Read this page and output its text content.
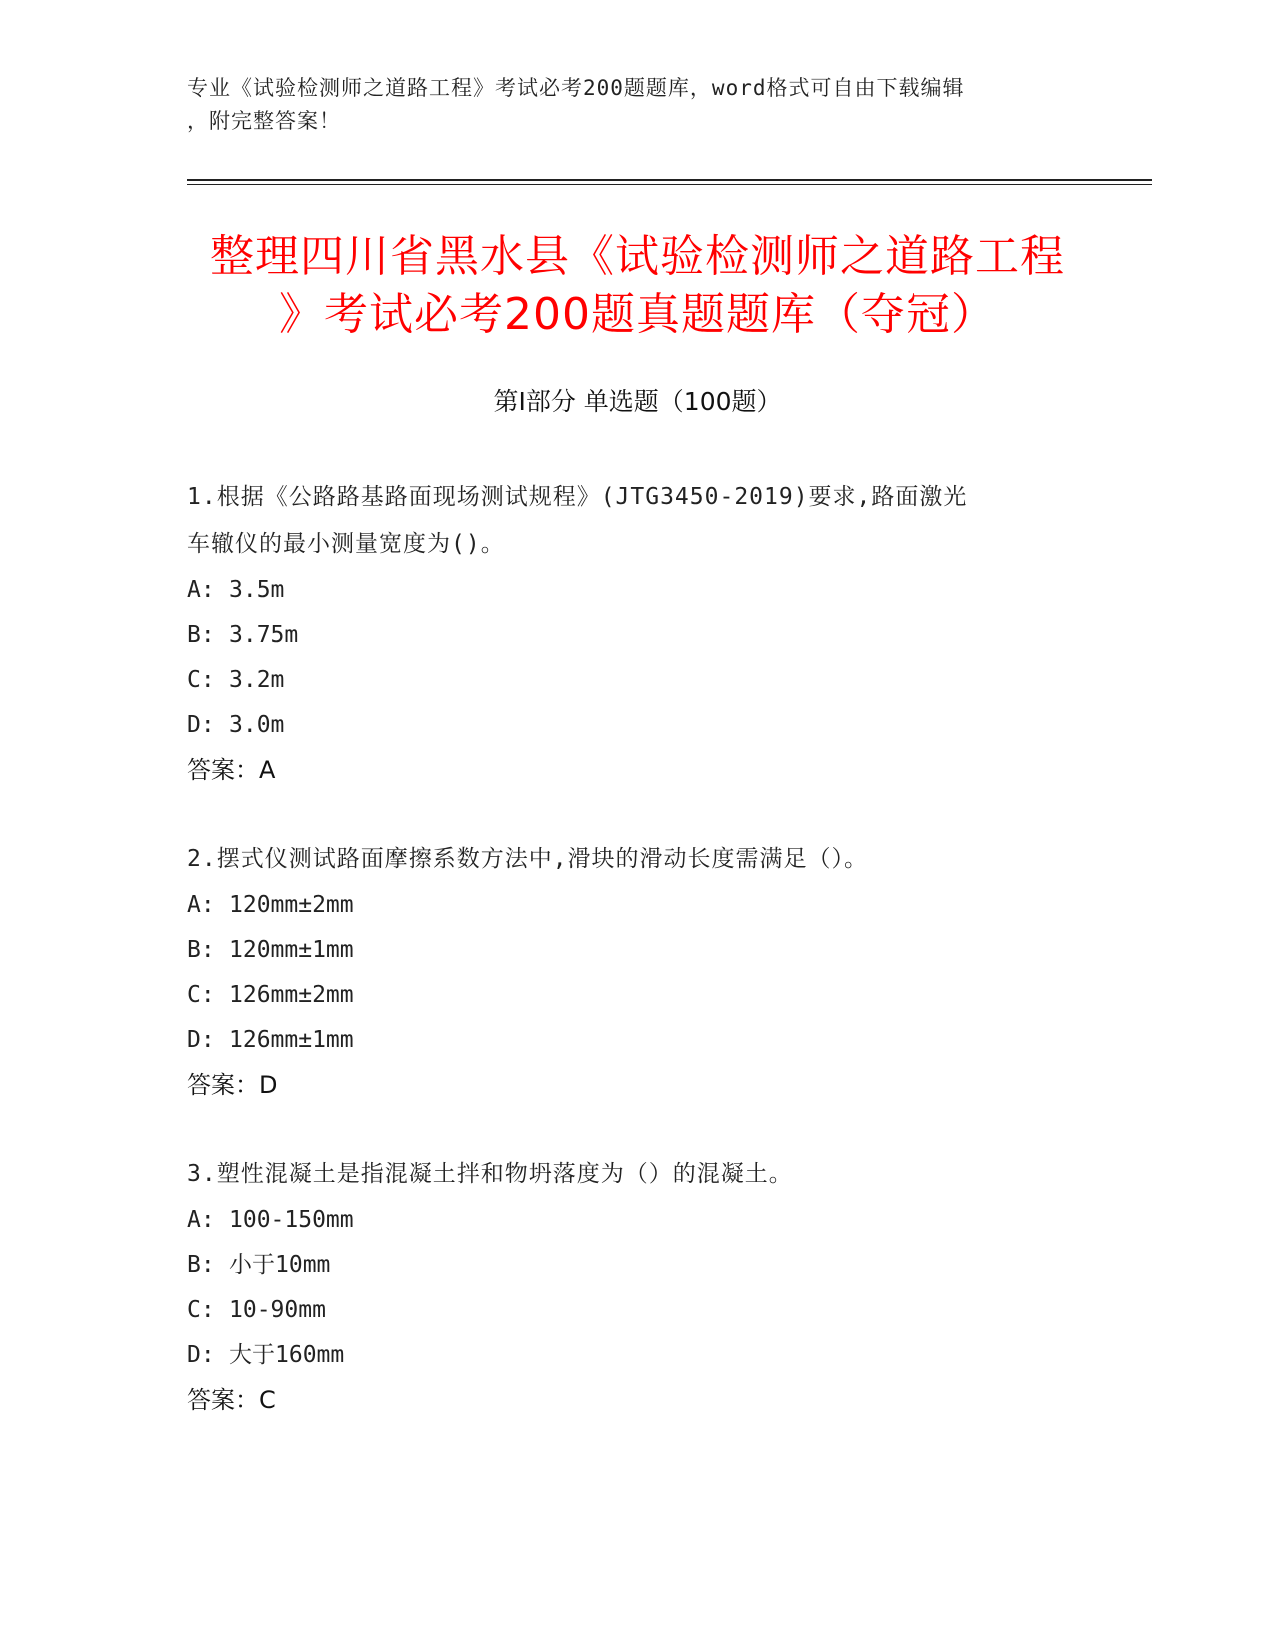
专业《试验检测师之道路工程》考试必考200题题库，word格式可自由下载编辑
，附完整答案！
整理四川省黑水县《试验检测师之道路工程
》考试必考200题真题题库（夺冠）
第I部分 单选题（100题）
1.根据《公路路基路面现场测试规程》(JTG3450-2019)要求,路面激光
车辙仪的最小测量宽度为()。
A: 3.5m
B: 3.75m
C: 3.2m
D: 3.0m
答案：A
2.摆式仪测试路面摩擦系数方法中,滑块的滑动长度需满足（）。
A: 120mm±2mm
B: 120mm±1mm
C: 126mm±2mm
D: 126mm±1mm
答案：D
3.塑性混凝土是指混凝土拌和物坍落度为（）的混凝土。
A: 100-150mm
B: 小于10mm
C: 10-90mm
D: 大于160mm
答案：C
